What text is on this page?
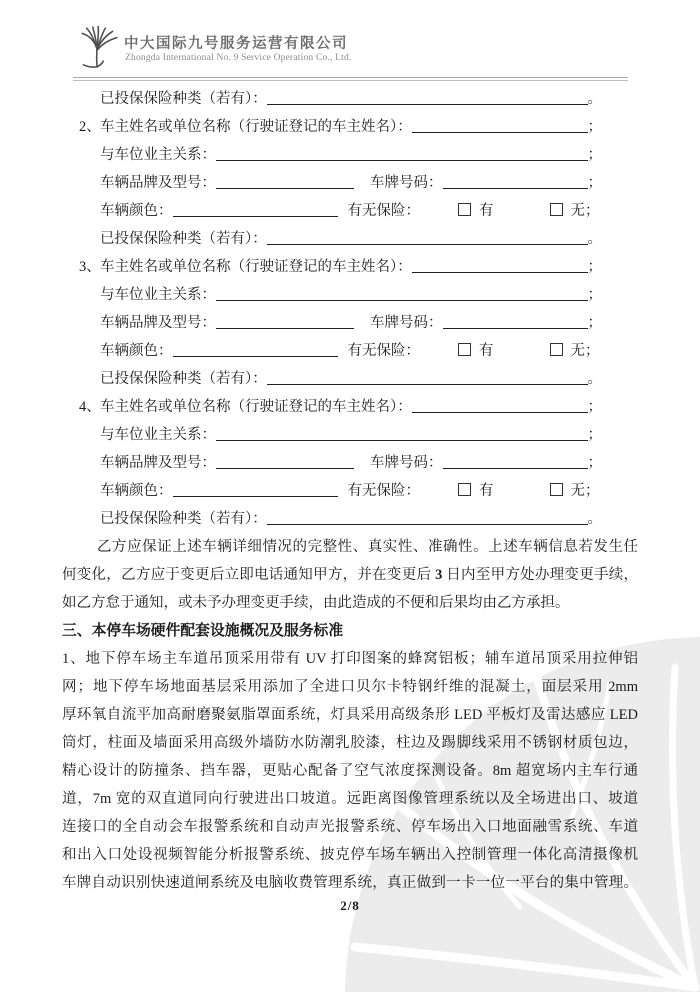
中大国际九号服务运营有限公司
Zhongda International No. 9 Service Operation Co., Ltd.
已投保保险种类（若有）：	。
2、 车主姓名或单位名称（行驶证登记的车主姓名）：	；
与车位业主关系：	；
车辆品牌及型号：	车牌号码：	；
车辆颜色：	有无保险：	有	无；
已投保保险种类（若有）：	。
3、 车主姓名或单位名称（行驶证登记的车主姓名）：	；
与车位业主关系：	；
车辆品牌及型号：	车牌号码：	；
车辆颜色：	有无保险：	有	无；
已投保保险种类（若有）：	。
4、 车主姓名或单位名称（行驶证登记的车主姓名）：	；
与车位业主关系：	；
车辆品牌及型号：	车牌号码：	；
车辆颜色：	有无保险：	有	无；
已投保保险种类（若有）：	。
乙方应保证上述车辆详细情况的完整性、真实性、准确性。上述车辆信息若发生任
何变化，乙方应于变更后立即电话通知甲方，并在变更后 3 日内至甲方处办理变更手续，
如乙方怠于通知，或未予办理变更手续，由此造成的不便和后果均由乙方承担。
三、本停车场硬件配套设施概况及服务标准
1、地下停车场主车道吊顶采用带有 UV 打印图案的蜂窝铝板；辅车道吊顶采用拉伸铝
网；地下停车场地面基层采用添加了全进口贝尔卡特钢纤维的混凝土，面层采用 2mm
厚环氧自流平加高耐磨聚氨脂罩面系统，灯具采用高级条形 LED 平板灯及雷达感应 LED
筒灯，柱面及墙面采用高级外墙防水防潮乳胶漆，柱边及踢脚线采用不锈钢材质包边，
精心设计的防撞条、挡车器，更贴心配备了空气浓度探测设备。8m 超宽场内主车行通
道，7m 宽的双直道同向行驶进出口坡道。远距离图像管理系统以及全场进出口、坡道
连接口的全自动会车报警系统和自动声光报警系统、停车场出入口地面融雪系统、车道
和出入口处设视频智能分析报警系统、披克停车场车辆出入控制管理一体化高清摄像机
车牌自动识别快速道闸系统及电脑收费管理系统，真正做到一卡一位一平台的集中管理。
2/8
